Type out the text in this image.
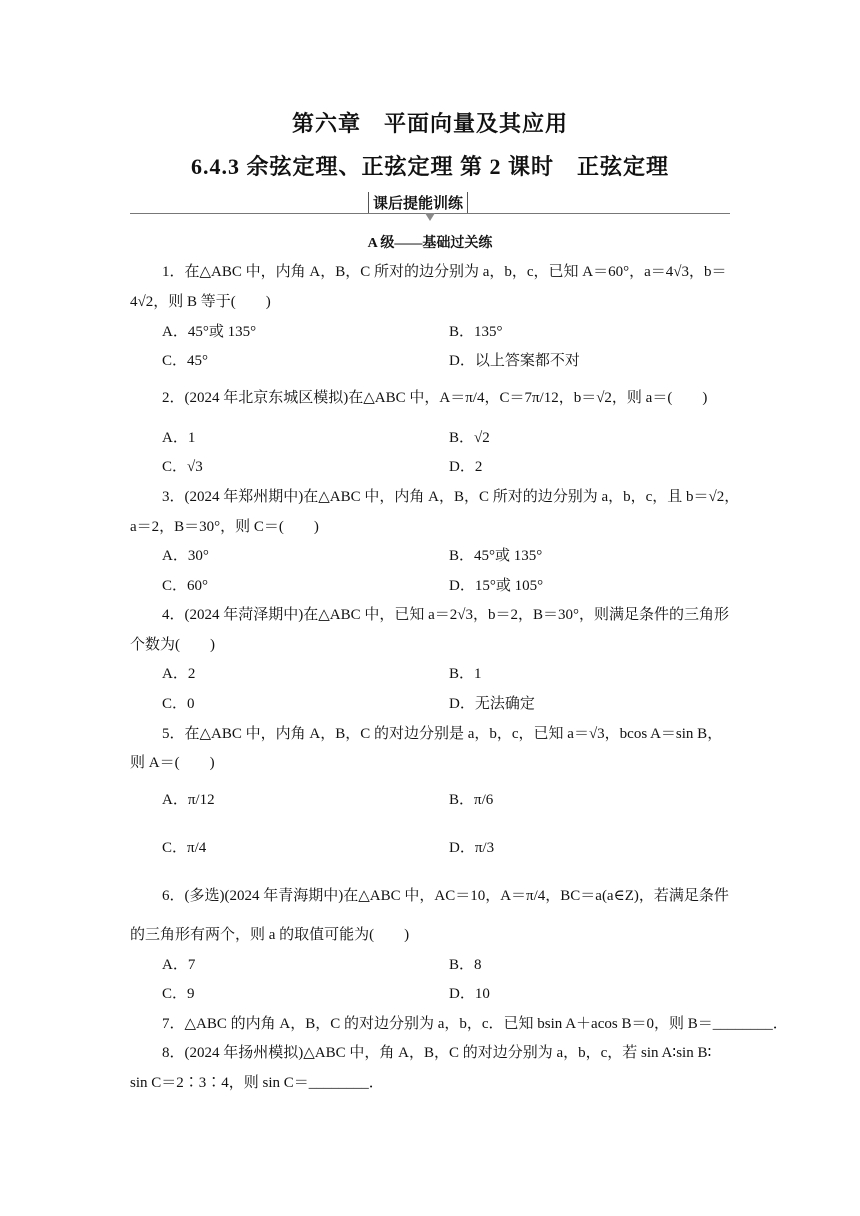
第六章　平面向量及其应用
6.4.3 余弦定理、正弦定理 第 2 课时　正弦定理
课后提能训练
A 级——基础过关练
1．在△ABC 中，内角 A，B，C 所对的边分别为 a，b，c，已知 A＝60°，a＝4√3，b＝
4√2，则 B 等于(　　)
A．45°或 135°	B．135°
C．45°	D．以上答案都不对
2．(2024 年北京东城区模拟)在△ABC 中，A＝π/4，C＝7π/12，b＝√2，则 a＝(　　)
A．1	B．√2
C．√3	D．2
3．(2024 年郑州期中)在△ABC 中，内角 A，B，C 所对的边分别为 a，b，c，且 b＝√2，
a＝2，B＝30°，则 C＝(　　)
A．30°	B．45°或 135°
C．60°	D．15°或 105°
4．(2024 年菏泽期中)在△ABC 中，已知 a＝2√3，b＝2，B＝30°，则满足条件的三角形
个数为(　　)
A．2	B．1
C．0	D．无法确定
5．在△ABC 中，内角 A，B，C 的对边分别是 a，b，c，已知 a＝√3，bcos A＝sin B，
则 A＝(　　)
A．π/12	B．π/6
C．π/4	D．π/3
6．(多选)(2024 年青海期中)在△ABC 中，AC＝10，A＝π/4，BC＝a(a∈Z)，若满足条件
的三角形有两个，则 a 的取值可能为(　　)
A．7	B．8
C．9	D．10
7．△ABC 的内角 A，B，C 的对边分别为 a，b，c．已知 bsin A＋acos B＝0，则 B＝________．
8．(2024 年扬州模拟)△ABC 中，角 A，B，C 的对边分别为 a，b，c，若 sin A∶sin B∶
sin C＝2∶3∶4，则 sin C＝________．
